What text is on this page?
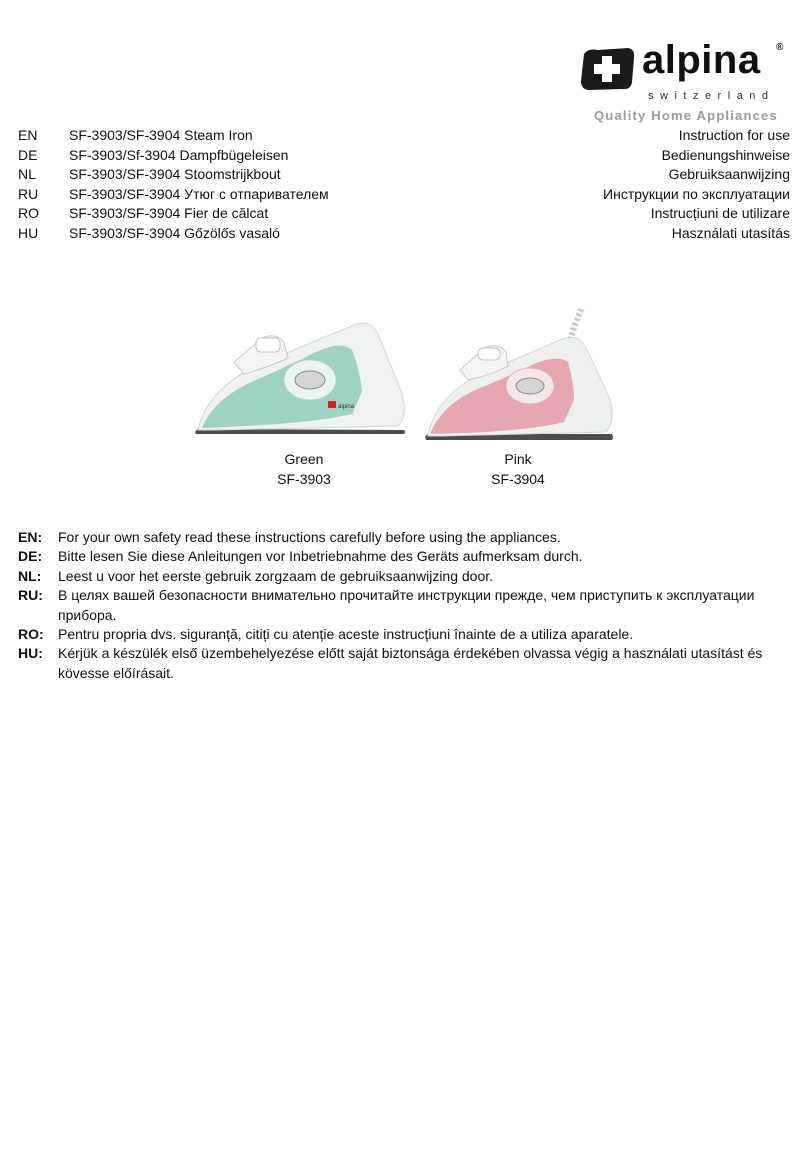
alpina ®
switzerland
Quality Home Appliances
EN SF-3903/SF-3904 Steam Iron	Instruction for use
DE SF-3903/Sf-3904 Dampfbügeleisen	Bedienungshinweise
NL SF-3903/SF-3904 Stoomstrijkbout	Gebruiksaanwijzing
RU SF-3903/SF-3904 Утюг с отпаривателем	Инструкции по эксплуатации
RO SF-3903/SF-3904 Fier de călcat	Instrucțiuni de utilizare
HU SF-3903/SF-3904 Gőzölős vasaló	Használati utasítás
alpina
Green
SF-3903
Pink
SF-3904
EN: For your own safety read these instructions carefully before using the appliances.
DE: Bitte lesen Sie diese Anleitungen vor Inbetriebnahme des Geräts aufmerksam durch.
NL: Leest u voor het eerste gebruik zorgzaam de gebruiksaanwijzing door.
RU: В целях вашей безопасности внимательно прочитайте инструкции прежде, чем приступить к эксплуатации прибора.
RO: Pentru propria dvs. siguranță, citiți cu atenție aceste instrucțiuni înainte de a utiliza aparatele.
HU: Kérjük a készülék első üzembehelyezése előtt saját biztonsága érdekében olvassa végig a használati utasítást és kövesse előírásait.
